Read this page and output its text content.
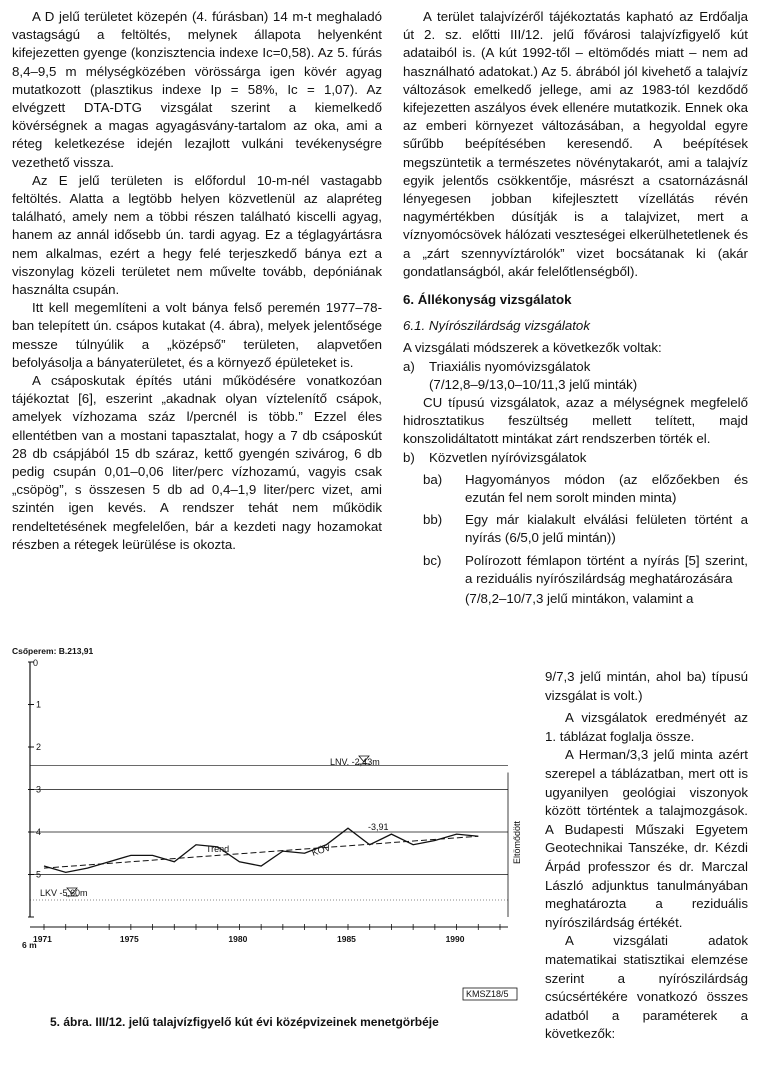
A D jelű területet közepén (4. fúrásban) 14 m-t meghaladó vastagságú a feltöltés, melynek állapota helyenként kifejezetten gyenge (konzisztencia indexe Ic=0,58). Az 5. fúrás 8,4–9,5 m mélységközében vörössárga igen kövér agyag mutatkozott (plasztikus indexe Ip = 58%, Ic = 1,07). Az elvégzett DTA-DTG vizsgálat szerint a kiemelkedő kövérségnek a magas agyagásvány-tartalom az oka, ami a réteg keletkezése idején lezajlott vulkáni tevékenységre vezethető vissza.

Az E jelű területen is előfordul 10-m-nél vastagabb feltöltés. Alatta a legtöbb helyen közvetlenül az alapréteg található, amely nem a többi részen található kiscelli agyag, hanem az annál idősebb ún. tardi agyag. Ez a téglagyártásra nem alkalmas, ezért a hegy felé terjeszkedő bánya ezt a viszonylag közeli területet nem művelte tovább, depóniának használta csupán.

Itt kell megemlíteni a volt bánya felső peremén 1977–78-ban telepített ún. csápos kutakat (4. ábra), melyek jelentősége messze túlnyúlik a „középső” területen, alapvetően befolyásolja a bányaterületet, és a környező épületeket is.

A csáposkutak építés utáni működésére vonatkozóan tájékoztat [6], eszerint „akadnak olyan víztelenítő csápok, amelyek vízhozama száz l/percnél is több.” Ezzel éles ellentétben van a mostani tapasztalat, hogy a 7 db csáposkút 28 db csápjából 15 db száraz, kettő gyengén szivárog, 6 db pedig csupán 0,01–0,06 liter/perc vízhozamú, vagyis csak „csöpög”, s összesen 5 db ad 0,4–1,9 liter/perc vizet, ami szintén igen kevés. A rendszer tehát nem működik rendeltetésének megfelelően, bár a kezdeti nagy hozamokat részben a rétegek leürülése is okozta.

A terület talajvízéről tájékoztatás kapható az Erdőalja út 2. sz. előtti III/12. jelű fővárosi talajvízfigyelő kút adataiból is. (A kút 1992-től – eltömődés miatt – nem ad használható adatokat.) Az 5. ábrából jól kivehető a talajvíz változások emelkedő jellege, ami az 1983-tól kezdődő kifejezetten aszályos évek ellenére mutatkozik. Ennek oka az emberi környezet változásában, a hegyoldal egyre sűrűbb beépítésében keresendő. A beépítések megszüntetik a természetes növénytakarót, ami a talajvíz egyik jelentős csökkentője, másrészt a csatornázásnál lényegesen jobban kifejlesztett vízellátás révén nagymértékben dúsítják is a talajvizet, mert a víznyomócsövek hálózati veszteségei elkerülhetetlenek és a „zárt szennyvíztárolók” vizet bocsátanak ki (akár gondatlanságból, akár felelőtlenségből).

6. Állékonyság vizsgálatok

6.1. Nyírószilárdság vizsgálatok

A vizsgálati módszerek a következők voltak:

a)	Triaxiális nyomóvizsgálatok

(7/12,8–9/13,0–10/11,3 jelű minták)

CU típusú vizsgálatok, azaz a mélységnek megfelelő hidrosztatikus feszültség mellett telített, majd konszolidáltatott mintákat zárt rendszerben törték el.

b)	Közvetlen nyíróvizsgálatok
ba)	Hagyományos módon (az előzőekben és ezután fel nem sorolt minden minta)
bb)	Egy már kialakult elválási felületen történt a nyírás (6/5,0 jelű mintán))
bc)	Polírozott fémlapon történt a nyírás [5] szerint, a reziduális nyírószilárdság meghatározására

(7/8,2–10/7,3 jelű mintákon, valamint a

9/7,3 jelű mintán, ahol ba) típusú vizsgálat is volt.)

A vizsgálatok eredményét az 1. táblázat foglalja össze.

A Herman/3,3 jelű minta azért szerepel a táblázatban, mert ott is ugyanilyen geológiai viszonyok között történtek a talajmozgások. A Budapesti Műszaki Egyetem Geotechnikai Tanszéke, dr. Kézdi Árpád professzor és dr. Marczal László adjunktus tanulmányában meghatározta a reziduális nyírószilárdság értékét.

A vizsgálati adatok matematikai statisztikai elemzése szerint a nyírószilárdság csúcsértékére vonatkozó összes adatból a paraméterek a következők:

Csőperem: B.213,91
1
2
3
4
5
0
1971	1975	1980	1985	1990
LNV. -2,43m
LKV -5,60m
Trend	KÖV
-3,91	Eltömődött
KMSZ18/5
6 m
5. ábra. III/12. jelű talajvízfigyelő kút évi középvizeinek menetgörbéje
